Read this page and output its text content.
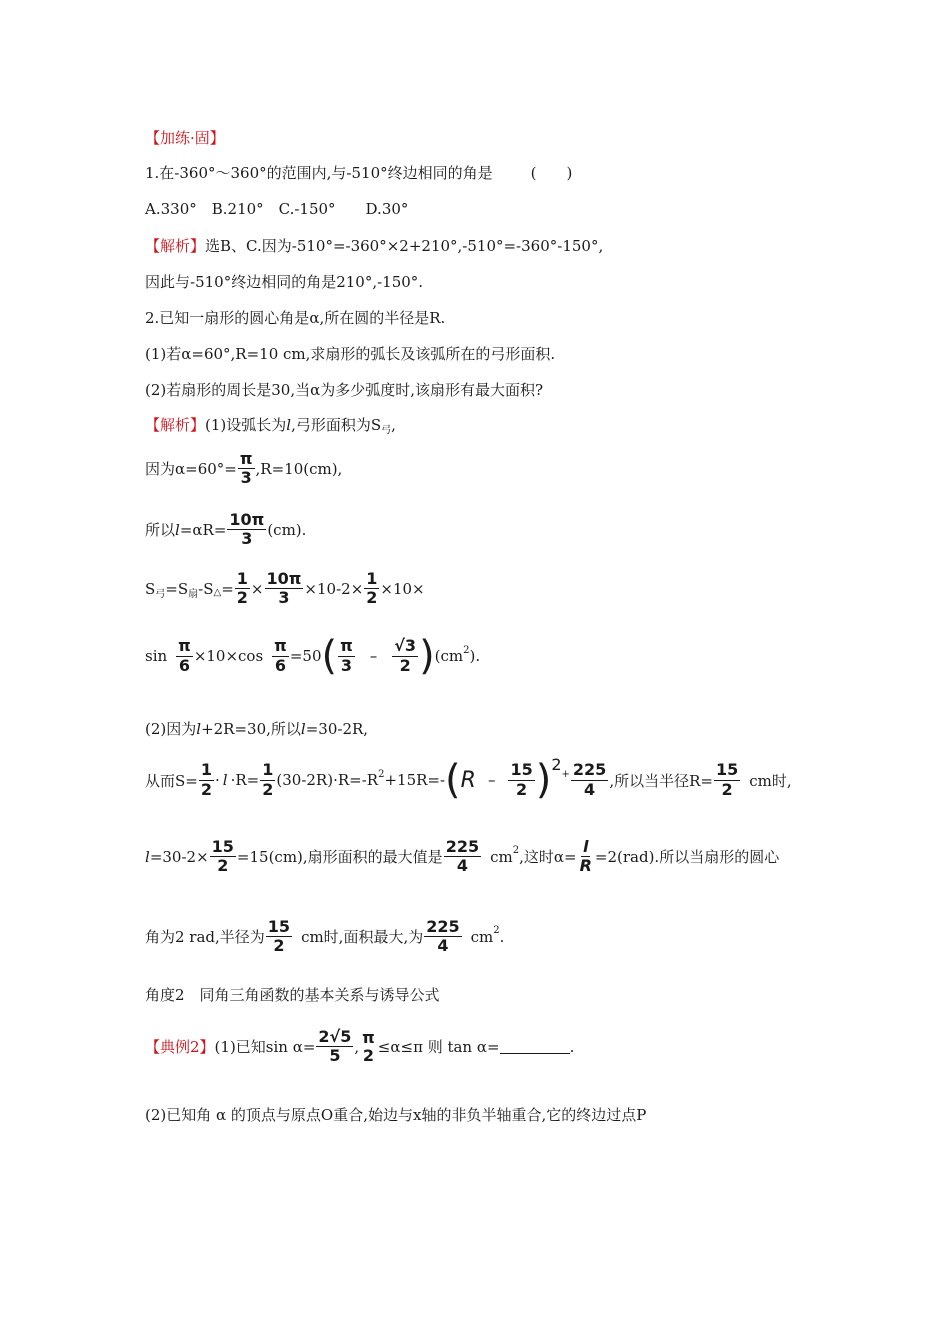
【加练·固】
1.在-360°～360°的范围内,与-510°终边相同的角是	(　　)
A.330°　B.210°　C.-150°　　D.30°
【解析】 选B、C.因为-510°=-360°×2+210°,-510°=-360°-150°,
因此与-510°终边相同的角是210°,-150°.
2.已知一扇形的圆心角是α,所在圆的半径是R.
(1)若α=60°,R=10 cm,求扇形的弧长及该弧所在的弓形面积.
(2)若扇形的周长是30,当α为多少弧度时,该扇形有最大面积?
【解析】 (1)设弧长为 l ,弓形面积为S 弓 ,
因为$\alpha=60^\circ= \frac{\pi}{3} ,R=10(cm)$,
所以 $l =\alpha R= \frac{10\pi}{3} (cm)$.
S 弓 =S 扇 -S △ = $\frac{1}{2} \times \frac{10\pi}{3} \times 10-2\times \frac{1}{2} \times 10\times$
$\sin \frac{\pi}{6} \times 10\times\cos \frac{\pi}{6} =50$ ( $\frac{\pi}{3} - \frac{√3}{2}$ ) (cm 2 ).
(2)因为 l +2R=30,所以 l =30-2R,
从而$S= \frac{1}{2} \cdot l \cdot R= \frac{1}{2} (30-2R)\cdot R=-R$ 2 +15R=- ( R – $\frac{15}{2}$ ) 2
+ $\frac{225}{4}$ ,所以当半径$R= \frac{15}{2}$ cm时,
$l =30-2\times \frac{15}{2} =15(cm)$,扇形面积的最大值是 $\frac{225}{4}$ cm 2 ,这时$\alpha= \frac{l}{R} =2(rad)$.所以当扇形的圆心
角为2 rad,半径为 $\frac{15}{2}$ cm时,面积最大,为 $\frac{225}{4}$ cm 2 .
角度2　同角三角函数的基本关系与诱导公式
【典例2】 (1)已知$\sin \alpha= \frac{2√5}{5}$ ,
π
2 ≤α≤π 则 tan α=	.
(2)已知角 α 的顶点与原点O重合,始边与x轴的非负半轴重合,它的终边过点P
